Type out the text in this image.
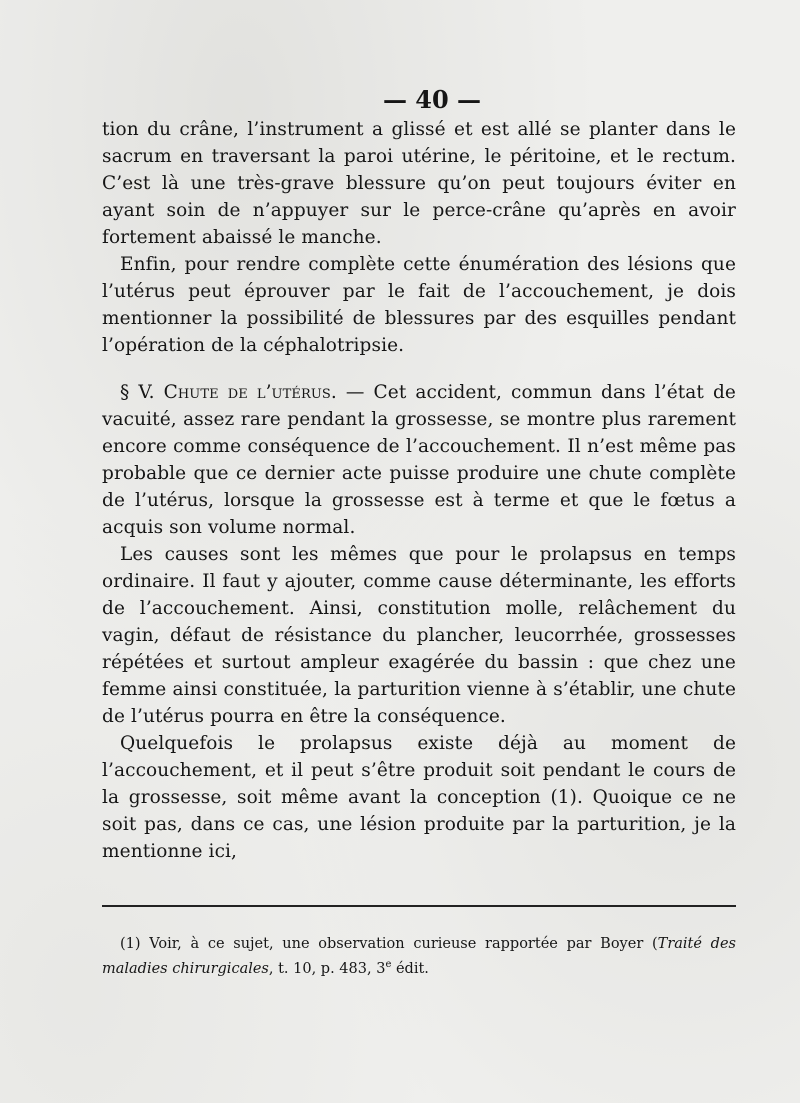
— 40 —

tion du crâne, l’instrument a glissé et est allé se planter dans le sacrum en traversant la paroi utérine, le péritoine, et le rectum. C’est là une très-grave blessure qu’on peut toujours éviter en ayant soin de n’appuyer sur le perce-crâne qu’après en avoir fortement abaissé le manche.

Enfin, pour rendre complète cette énumération des lésions que l’utérus peut éprouver par le fait de l’accouchement, je dois mentionner la possibilité de blessures par des esquilles pendant l’opération de la céphalotripsie.

§ V. Chute de l’utérus. — Cet accident, commun dans l’état de vacuité, assez rare pendant la grossesse, se montre plus rarement encore comme conséquence de l’accouchement. Il n’est même pas probable que ce dernier acte puisse produire une chute complète de l’utérus, lorsque la grossesse est à terme et que le fœtus a acquis son volume normal.

Les causes sont les mêmes que pour le prolapsus en temps ordinaire. Il faut y ajouter, comme cause déterminante, les efforts de l’accouchement. Ainsi, constitution molle, relâchement du vagin, défaut de résistance du plancher, leucorrhée, grossesses répétées et surtout ampleur exagérée du bassin : que chez une femme ainsi constituée, la parturition vienne à s’établir, une chute de l’utérus pourra en être la conséquence.

Quelquefois le prolapsus existe déjà au moment de l’accouchement, et il peut s’être produit soit pendant le cours de la grossesse, soit même avant la conception (1). Quoique ce ne soit pas, dans ce cas, une lésion produite par la parturition, je la mentionne ici,

(1) Voir, à ce sujet, une observation curieuse rapportée par Boyer (Traité des maladies chirurgicales, t. 10, p. 483, 3e édit.
